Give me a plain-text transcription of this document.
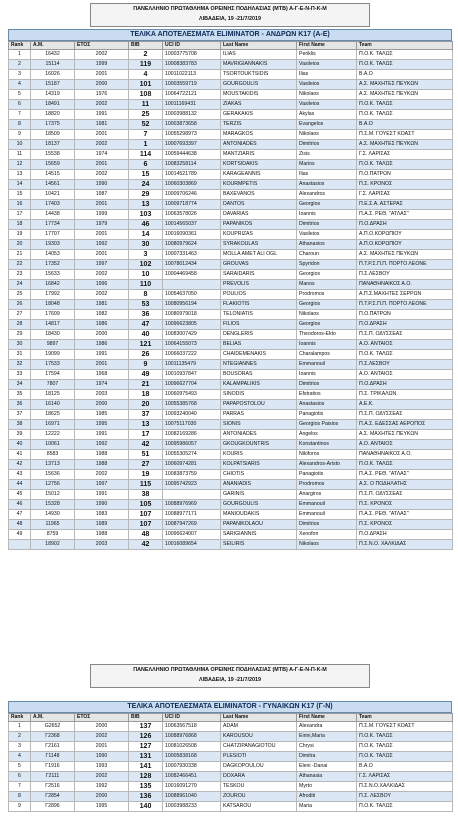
ΠΑΝΕΛΛΗΝΙΟ ΠΡΩΤΑΘΛΗΜΑ ΟΡΕΙΝΗΣ ΠΟΔΗΛΑΣΙΑΣ (MTB) Α-Γ-Ε-Ν-Π-Κ-Μ
ΛΙΒΑΔΕΙΑ, 19 -21/7/2019
ΤΕΛΙΚΑ ΑΠΟΤΕΛΕΣΜΑΤΑ ELIMINATOR - ΑΝΔΡΩΝ Κ17 (Α-Ε)
Rank	Α.Μ.	ΕΤΟΣ	BIB	UCI ID	Last Name	First Name	Team
1	16432	2002	2	10003775708	ILIAS	Periklis	Π.Ο.Κ. ΤΑΛΩΣ
2	15114	1999	119	10008383783	MAVRIGIANNAKIS	Vasileios	Π.Ο.Κ. ΤΑΛΩΣ
3	16026	2001	4	10011022113	TSORTOUKTSIDIS	Ilias	Β.Α.Ο
4	15187	2000	101	10003559719	GOURGOULIS	Vasileios	Α.Σ. ΜΑΧΗΤΕΣ ΠΕΥΚΩΝ
5	14319	1976	108	10064722121	MOUSTAKIDIS	Nikolaos	Α.Σ. ΜΑΧΗΤΕΣ ΠΕΥΚΩΝ
6	18491	2002	11	10011169431	ZIAKAS	Vasileios	Π.Ο.Κ. ΤΑΛΩΣ
7	18820	1991	25	10003988132	GERAKAKIS	Akylas	Π.Ο.Κ. ΤΑΛΩΣ
8	17375	1981	52	10003873658	TERZIS	Evangelos	Β.Α.Ο
9	18509	2001	7	10055298973	MARAGKOS	Nikolaos	Π.Σ.Μ. ΓΟΥΕΣΤ ΚΟΑΣΤ
10	18137	2002	1	10007693397	ANTONIADES	Dimitrios	Α.Σ. ΜΑΧΗΤΕΣ ΠΕΥΚΩΝ
11	15538	1974	114	10059444638	MANTZIARIS	Zisis	Γ.Σ. ΛΑΡΙΣΑΣ
12	15659	2001	6	10083258114	KORTSIDAKIS	Marios	Π.Ο.Κ. ΤΑΛΩΣ
13	14515	2002	15	10014521789	KARAGEANNIS	Ilias	Π.Ο.ΠΑΤΡΩΝ
14	14561	1990	24	10060303869	KOURMPETIS	Anastasios	Π.Σ. ΚΡΟΝΟΣ
15	10421	1987	29	10009706246	BAXEVANOS	Alexandros	Γ.Σ. ΛΑΡΙΣΑΣ
16	17403	2001	13	10009718774	DANTOS	Georgios	Π.Ε.Σ.Α. ΑΣΤΕΡΑΣ
17	14438	1999	103	10063578026	DAVARIAS	Ioannis	Π.Α.Σ. ΡΕΘ. "ΑΤΛΑΣ"
18	17734	1979	46	10014565037	PAPANIKOS	Dimitrios	Π.Ο.ΔΡΑΣΗ
19	17707	2001	14	10016090361	KOUPRIZAS	Vasileios	Α.Π.Ο.ΚΟΡΩΠΙΟΥ
20	19303	1992	30	10080979624	SYRAKOULAS	Athanasios	Α.Π.Ο.ΚΟΡΩΠΙΟΥ
21	14053	2001	3	10007331463	MOLLA AMET ALI OGL	Charoun	Α.Σ. ΜΑΧΗΤΕΣ ΠΕΥΚΩΝ
22	17352	1997	102	10078012434	GROUVAS	Spyridon	Π.Τ.Ρ.Σ.Π.Π. ΠΟΡΤΟ ΛΕΟΝΕ
23	15633	2002	10	10004469458	SARAIDARIS	Georgios	Π.Σ.ΛΕΣΒΟΥ
24	16842	1996	110		PREVOLIS	Manos	ΠΑΝΑΘΗΝΑΙΚΟΣ Α.Ο.
25	17992	2002	8	10054637050	POULIOS	Prodromos	Α.Π.Σ.ΜΑΧΗΤΕΣ ΣΕΡΡΩΝ
26	18048	1981	53	10080956194	FLAKIOTIS	Georgios	Π.Τ.Ρ.Σ.Π.Π. ΠΟΡΤΟ ΛΕΟΝΕ
27	17609	1982	36	10080979018	TELONIATIS	Nikolaos	Π.Ο.ΠΑΤΡΩΝ
28	14817	1986	47	10096623805	FILIOS	Georgios	Π.Ο.ΔΡΑΣΗ
29	18430	2000	40	10083007429	DENGLERIS	Theodoros-Ekto	Π.Σ.Π. ΟΔΥΣΣΕΑΣ
30	9897	1986	121	10064155073	BELIAS	Ioannis	Α.Ο. ΑΝΤΑΙΟΣ
31	19099	1991	26	10066037222	CHAIDEMENAKIS	Charalampos	Π.Ο.Κ. ΤΑΛΩΣ
32	17533	2001	9	10011135479	NTEGIANNES	Emmanouil	Π.Σ.ΛΕΣΒΟΥ
33	17594	1968	49	10010937847	BOUSORAS	Ioannis	Α.Ο. ΑΝΤΑΙΟΣ
34	7807	1974	21	10096627704	KALAMPALIKIS	Dimitrios	Π.Ο.ΔΡΑΣΗ
35	18125	2003	18	10060975493	SINODIS	Efstratios	Π.Σ. ΤΡΙΚΑΛΩΝ
36	16140	2000	20	10055385768	PAPAPOSTOLOU	Anastasios	Α.Ε.Κ.
37	18625	1985	37	10093240040	PARRAS	Panagiotis	Π.Σ.Π. ΟΔΥΣΣΕΑΣ
38	16971	1995	13	10075117030	SIONIS	Georgios Paisios	Π.Α.Σ. ΕΔΕΣΣΑΣ ΑΕΡΟΠΟΣ
39	12222	1991	17	10082169286	ANTONIADES	Angelos	Α.Σ. ΜΑΧΗΤΕΣ ΠΕΥΚΩΝ
40	10061	1992	42	10095986057	GKOUGKOUNTRIS	Konstantinos	Α.Ο. ΑΝΤΑΙΟΣ
41	8583	1988	51	10055305274	KOURIS	Nikiforos	ΠΑΝΑΘΗΝΑΙΚΟΣ Α.Ο.
42	13713	1988	27	10060974281	KOLPATSIARIS	Alexandros-Aristo	Π.Ο.Κ. ΤΑΛΩΣ
43	15636	2002	19	10083873759	CHIOTIS	Panagiotis	Π.Α.Σ. ΡΕΘ. "ΑΤΛΑΣ"
44	12756	1997	115	10095742923	ANANIADIS	Prodromos	Α.Σ. Ο ΠΟΔΗΛΑΤΗΣ
45	15012	1991	38		GARINIS	Anargiros	Π.Σ.Π. ΟΔΥΣΣΕΑΣ
46	15328	1990	105	10088976969	GOURGOULIS	Emmanouil	Π.Σ. ΚΡΟΝΟΣ
47	14930	1983	107	10088977171	MANIOUDAKIS	Emmanouil	Π.Α.Σ. ΡΕΘ. "ΑΤΛΑΣ"
48	11965	1989	107	10087947269	PAPANIKOLAOU	Dimitrios	Π.Σ. ΚΡΟΝΟΣ
49	8759	1988	48	10096624007	SARIGIANNIS	Xenofon	Π.Ο.ΔΡΑΣΗ
	18902	2003	42	10016089654	SEILIRIS	Nikolaos	Π.Σ.Ν.Ο. ΧΑΛΚΙΔΑΣ
ΠΑΝΕΛΛΗΝΙΟ ΠΡΩΤΑΘΛΗΜΑ ΟΡΕΙΝΗΣ ΠΟΔΗΛΑΣΙΑΣ (MTB) Α-Γ-Ε-Ν-Π-Κ-Μ
ΛΙΒΑΔΕΙΑ, 19 -21/7/2019
ΤΕΛΙΚΑ ΑΠΟΤΕΛΕΣΜΑΤΑ ELIMINATOR - ΓΥΝΑΙΚΩΝ Κ17 (Γ-Ν)
Rank	Α.Μ.	ΕΤΟΣ	BIB	UCI ID	Last Name	First Name	Team
1	G2652	2000	137	10063567518	ADAM	Alexandra	Π.Σ.Μ. ΓΟΥΕΣΤ ΚΟΑΣΤ
2	Γ2368	2002	126	10088976868	KAROUSOU	Eirini,Maria	Π.Ο.Κ. ΤΑΛΩΣ
3	Γ2161	2001	127	10081026508	CHATZIPANAGIOTOU	Chrysi	Π.Ο.Κ. ΤΑΛΩΣ
4	Γ1148	1990	131	10005838168	PLESIOTI	Dimitra	Π.Ο.Κ. ΤΑΛΩΣ
5	Γ1916	1993	141	10007930338	DAGKOPOULOU	Eleni -Danai	Β.Α.Ο
6	Γ2111	2002	128	10082466451	DOXARA	Athanasia	Γ.Σ. ΛΑΡΙΣΑΣ
7	Γ2516	1992	135	10016091270	TESKOU	Myrto	Π.Σ.Ν.Ο.ΧΑΛΚΙΔΑΣ
8	Γ2854	2000	136	10088961040	ZOUROU	Afroditi	Π.Σ. ΛΕΣΒΟΥ
9	Γ2896	1995	140	10003988233	KATSAROU	Maria	Π.Ο.Κ. ΤΑΛΩΣ
